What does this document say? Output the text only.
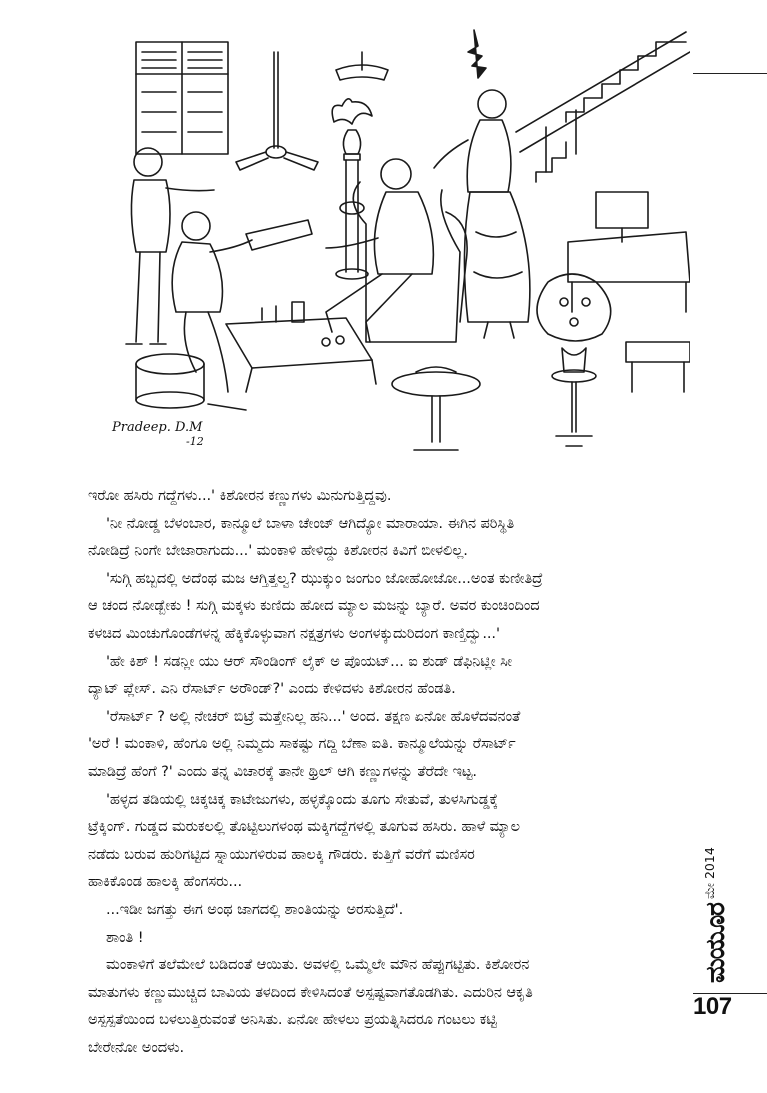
Pradeep. D.M
-12

ಇರೋ ಹಸಿರು ಗದ್ದೆಗಳು...' ಕಿಶೋರನ ಕಣ್ಣುಗಳು ಮಿನುಗುತ್ತಿದ್ದವು.

'ನೀ ನೋಡ್ಡ ಬೆಳಂಬಾರ, ಕಾನ್ಮೂಲೆ ಬಾಳಾ ಚೇಂಜ್ ಆಗಿದ್ಯೋ ಮಾರಾಯಾ. ಈಗಿನ ಪರಿಸ್ಥಿತಿ

ನೋಡಿದ್ರೆ ನಿಂಗೇ ಬೇಜಾರಾಗುದು...' ಮಂಕಾಳಿ ಹೇಳಿದ್ದು ಕಿಶೋರನ ಕಿವಿಗೆ ಬೀಳಲಿಲ್ಲ.

'ಸುಗ್ಗಿ ಹಬ್ಬದಲ್ಲಿ ಅದೆಂಥ ಮಜ ಆಗ್ತಿತ್ತಲ್ವ? ಝುಕ್ಕುಂ ಜಂಗುಂ ಜೋಹೋಜೋ...ಅಂತ ಕುಣೀತಿದ್ರೆ

ಆ ಚಂದ ನೋಡ್ಬೇಕು ! ಸುಗ್ಗಿ ಮಕ್ಕಳು ಕುಣಿದು ಹೋದ ಮ್ಯಾಲ ಮಜನ್ನು ಬ್ಯಾರೆ. ಅವರ ಕುಂಚಿಂದಿಂದ

ಕಳಚಿದ ಮಿಂಚುಗೊಂಡೆಗಳನ್ನ ಹೆಕ್ಕಿಕೊಳ್ಳುವಾಗ ನಕ್ಷತ್ರಗಳು ಅಂಗಳಕ್ಕುದುರಿದಂಗ ಕಾಣ್ತಿದ್ವು...'

'ಹೇ ಕಿಶ್ ! ಸಡನ್ಲೀ ಯು ಆರ್ ಸೌಂಡಿಂಗ್ ಲೈಕ್ ಅ ಪೊಯಟ್... ಐ ಶುಡ್ ಡೆಫಿನಿಟ್ಲೀ ಸೀ

ದ್ಯಾಟ್ ಪ್ಲೇಸ್. ಎನಿ ರೆಸಾರ್ಟ್ ಅರೌಂಡ್?' ಎಂದು ಕೇಳಿದಳು ಕಿಶೋರನ ಹೆಂಡತಿ.

'ರೆಸಾರ್ಟ್ ? ಅಲ್ಲಿ ನೇಚರ್ ಬಿಟ್ರೆ ಮತ್ತೇನಿಲ್ಲ ಹನಿ...' ಅಂದ. ತಕ್ಷಣ ಏನೋ ಹೊಳೆದವನಂತೆ

'ಅರೆ ! ಮಂಕಾಳಿ, ಹೆಂಗೂ ಅಲ್ಲಿ ನಿಮ್ಮದು ಸಾಕಷ್ಟು ಗದ್ದಿ ಬೆಣಾ ಐತಿ. ಕಾನ್ಮೂಲೆಯನ್ನು ರೆಸಾರ್ಟ್

ಮಾಡಿದ್ರೆ ಹೆಂಗೆ ?' ಎಂದು ತನ್ನ ವಿಚಾರಕ್ಕೆ ತಾನೇ ಥ್ರಿಲ್ ಆಗಿ ಕಣ್ಣುಗಳನ್ನು ತೆರೆದೇ ಇಟ್ಟ.

'ಹಳ್ಳದ ತಡಿಯಲ್ಲಿ ಚಿಕ್ಕಚಿಕ್ಕ ಕಾಟೇಜುಗಳು, ಹಳ್ಳಕ್ಕೊಂದು ತೂಗು ಸೇತುವೆ, ತುಳಸಿಗುಡ್ಡಕ್ಕೆ

ಟ್ರೆಕ್ಕಿಂಗ್. ಗುಡ್ಡದ ಮರುಕಲಲ್ಲಿ ತೊಟ್ಟಿಲುಗಳಂಥ ಮಕ್ಕಿಗದ್ದೆಗಳಲ್ಲಿ ತೂಗುವ ಹಸಿರು. ಹಾಳೆ ಮ್ಯಾಲ

ನಡೆದು ಬರುವ ಹುರಿಗಟ್ಟಿದ ಸ್ನಾಯುಗಳಿರುವ ಹಾಲಕ್ಕಿ ಗೌಡರು. ಕುತ್ತಿಗೆ ವರೆಗೆ ಮಣಿಸರ

ಹಾಕಿಕೊಂಡ ಹಾಲಕ್ಕಿ ಹೆಂಗಸರು...

...ಇಡೀ ಜಗತ್ತು ಈಗ ಅಂಥ ಜಾಗದಲ್ಲಿ ಶಾಂತಿಯನ್ನು ಅರಸುತ್ತಿದೆ'.

ಶಾಂತಿ !

ಮಂಕಾಳಿಗೆ ತಲೆಮೇಲೆ ಬಡಿದಂತೆ ಆಯಿತು. ಅವಳಲ್ಲಿ ಒಮ್ಮೆಲೇ ಮೌನ ಹೆಪ್ಪುಗಟ್ಟಿತು. ಕಿಶೋರನ

ಮಾತುಗಳು ಕಣ್ಣುಮುಚ್ಚಿದ ಬಾವಿಯ ತಳದಿಂದ ಕೇಳಿಸಿದಂತೆ ಅಸ್ಪಷ್ಟವಾಗತೊಡಗಿತು. ಎದುರಿನ ಆಕೃತಿ

ಅಸ್ಪಸ್ಪತೆಯಿಂದ ಬಳಲುತ್ತಿರುವಂತೆ ಅನಿಸಿತು. ಏನೋ ಹೇಳಲು ಪ್ರಯತ್ನಿಸಿದರೂ ಗಂಟಲು ಕಟ್ಟಿ

ಬೇರೇನೋ ಅಂದಳು.

ಮೇ 2014
ಮಯೂರ
107
